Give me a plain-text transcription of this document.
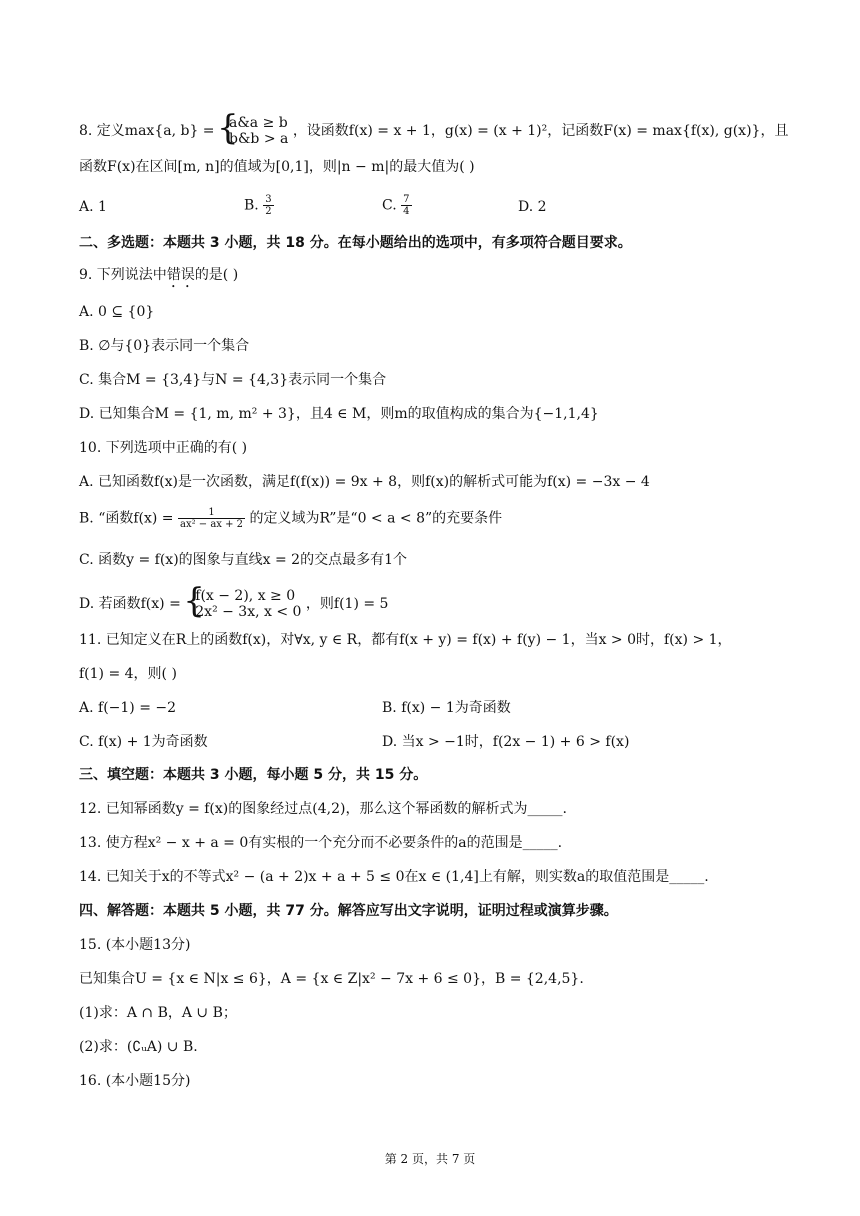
8. 定义max{a, b} = { a&a ≥ b
b&b > a ，设函数f(x) = x + 1，g(x) = (x + 1)²，记函数F(x) = max{f(x), g(x)}，且
函数F(x)在区间[m, n]的值域为[0,1]，则|n − m|的最大值为( )
A. 1	B. $\frac{3}{2}$	C. $\frac{7}{4}$	D. 2
二、多选题：本题共 3 小题，共 18 分。在每小题给出的选项中，有多项符合题目要求。
9. 下列说法中错误的是( )
A. 0 ⊆ {0}
B. ∅与{0}表示同一个集合
C. 集合M = {3,4}与N = {4,3}表示同一个集合
D. 已知集合M = {1, m, m² + 3}，且4 ∈ M，则m的取值构成的集合为{−1,1,4}
10. 下列选项中正确的有( )
A. 已知函数f(x)是一次函数，满足f(f(x)) = 9x + 8，则f(x)的解析式可能为f(x) = −3x − 4
B. “函数$f(x) = \frac{1}{\text{ax² − ax + 2}}$ 的定义域为R”是“0 < a < 8”的充要条件
C. 函数y = f(x)的图象与直线x = 2的交点最多有1个
D. 若函数f(x) = { f(x − 2), x ≥ 0
2x² − 3x, x < 0 ，则f(1) = 5
11. 已知定义在R上的函数f(x)，对∀x, y ∈ R，都有f(x + y) = f(x) + f(y) − 1，当x > 0时，f(x) > 1，
f(1) = 4，则( )
A. f(−1) = −2	B. f(x) − 1为奇函数
C. f(x) + 1为奇函数	D. 当x > −1时，f(2x − 1) + 6 > f(x)
三、填空题：本题共 3 小题，每小题 5 分，共 15 分。
12. 已知幂函数y = f(x)的图象经过点(4,2)，那么这个幂函数的解析式为_____.
13. 使方程x² − x + a = 0有实根的一个充分而不必要条件的a的范围是_____.
14. 已知关于x的不等式x² − (a + 2)x + a + 5 ≤ 0在x ∈ (1,4]上有解，则实数a的取值范围是_____.
四、解答题：本题共 5 小题，共 77 分。解答应写出文字说明，证明过程或演算步骤。
15. (本小题13分)
已知集合U = {x ∈ N|x ≤ 6}，A = {x ∈ Z|x² − 7x + 6 ≤ 0}，B = {2,4,5}.
(1)求：A ∩ B，A ∪ B；
(2)求：(∁ᵤA) ∪ B.
16. (本小题15分)
第 2 页，共 7 页
